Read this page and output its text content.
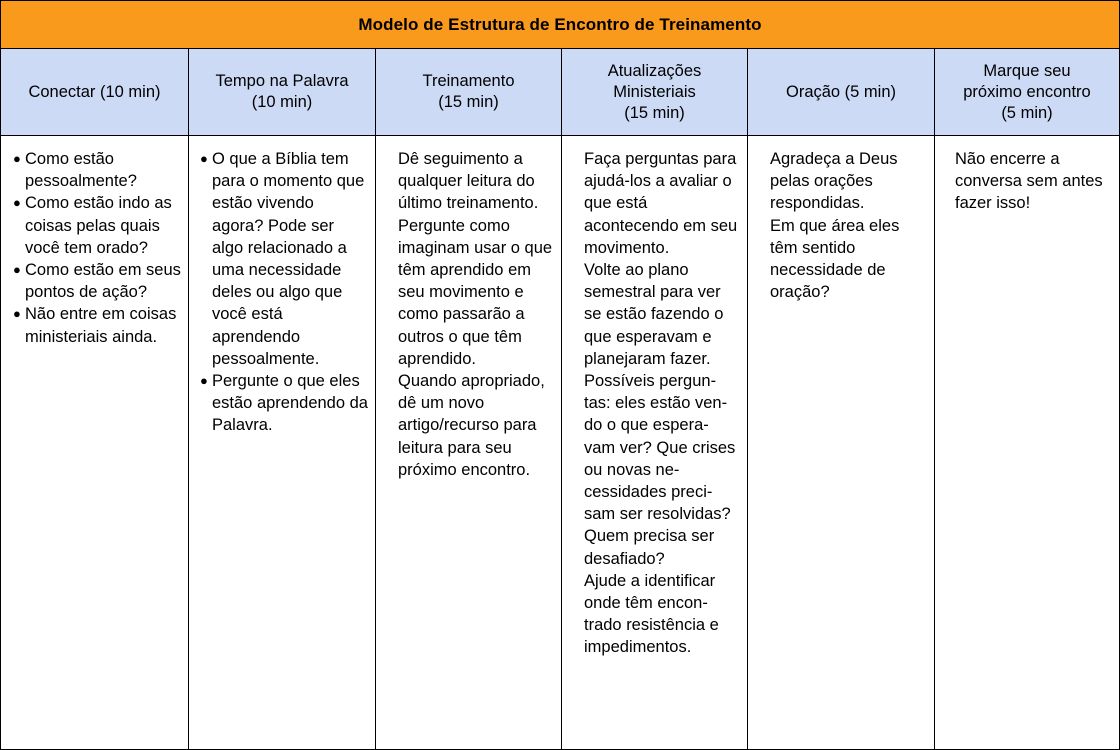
Modelo de Estrutura de Encontro de Treinamento
Conectar (10 min)
Tempo na Palavra
(10 min)
Treinamento
(15 min)
Atualizações
Ministeriais
(15 min)
Oração (5 min)
Marque seu
próximo encontro
(5 min)
● Como estão pessoalmente?
● Como estão indo as coisas pelas quais você tem orado?
● Como estão em seus pontos de ação?
● Não entre em coisas ministeriais ainda.
● O que a Bíblia tem para o momento que estão vivendo agora? Pode ser algo relacionado a uma necessidade deles ou algo que você está aprendendo pessoalmente.
● Pergunte o que eles estão aprendendo da Palavra.
Dê seguimento a qualquer leitura do último treinamento.
Pergunte como imaginam usar o que têm aprendido em seu movimento e como passarão a outros o que têm aprendido.
Quando apropriado, dê um novo artigo/recurso para leitura para seu próximo encontro.
Faça perguntas para ajudá-los a avaliar o que está acontecendo em seu movimento.
Volte ao plano semestral para ver se estão fazendo o que esperavam e planejaram fazer.
Possíveis pergun- tas: eles estão ven- do o que espera- vam ver? Que crises ou novas ne- cessidades preci- sam ser resolvidas? Quem precisa ser desafiado?
Ajude a identificar onde têm encon- trado resistência e impedimentos.
Agradeça a Deus pelas orações respondidas.
Em que área eles têm sentido necessidade de oração?
Não encerre a conversa sem antes fazer isso!
